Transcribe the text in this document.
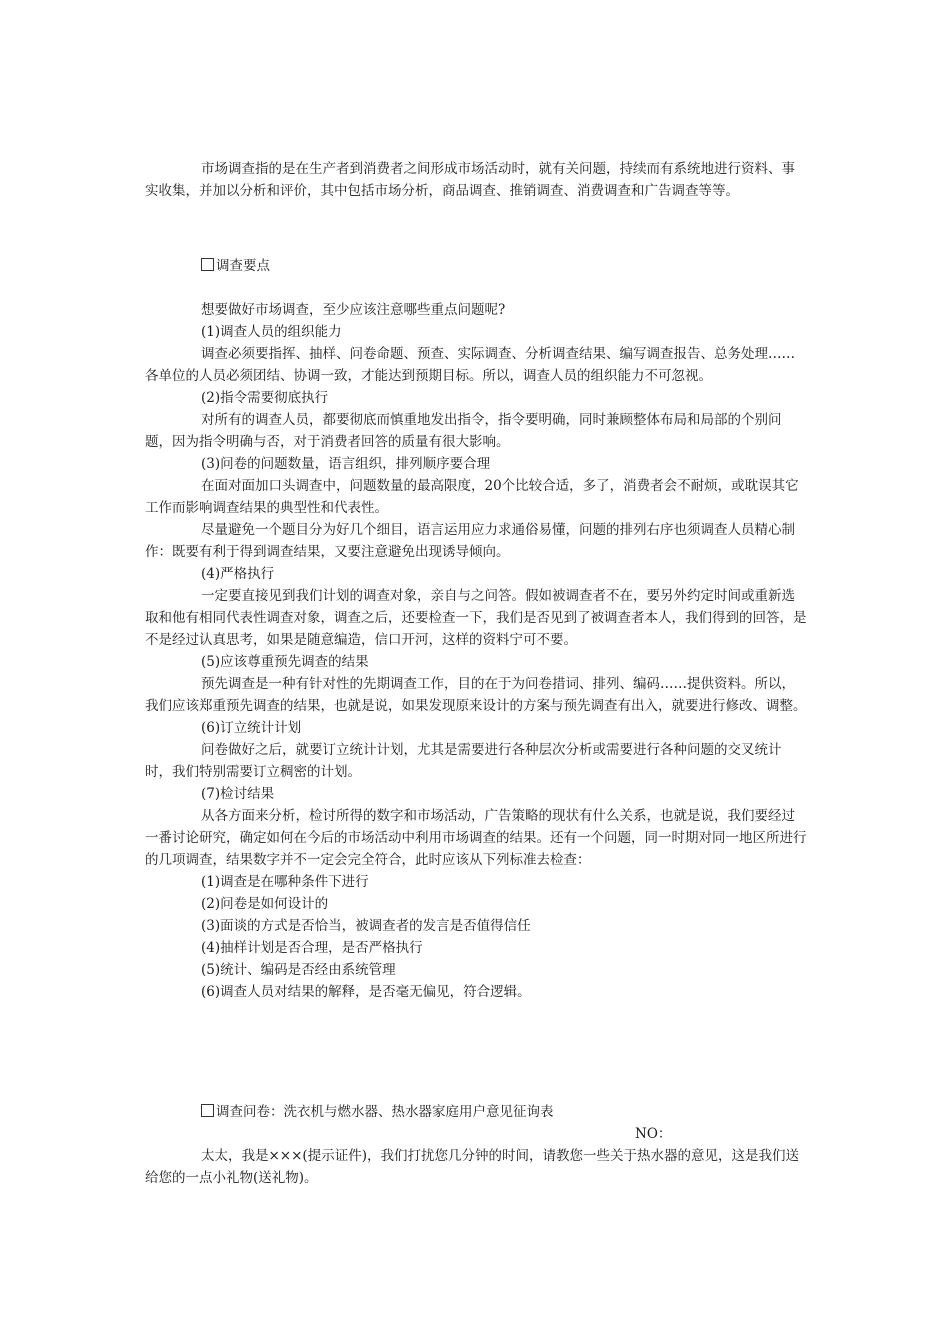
市场调查指的是在生产者到消费者之间形成市场活动时，就有关问题，持续而有系统地进行资料、事实收集，并加以分析和评价，其中包括市场分析，商品调查、推销调查、消费调查和广告调查等等。

调查要点

想要做好市场调查，至少应该注意哪些重点问题呢?

(1)调查人员的组织能力

调查必须要指挥、抽样、问卷命题、预查、实际调查、分析调查结果、编写调查报告、总务处理……各单位的人员必须团结、协调一致，才能达到预期目标。所以，调查人员的组织能力不可忽视。

(2)指令需要彻底执行

对所有的调查人员，都要彻底而慎重地发出指令，指令要明确，同时兼顾整体布局和局部的个别问题，因为指令明确与否，对于消费者回答的质量有很大影响。

(3)问卷的问题数量，语言组织，排列顺序要合理

在面对面加口头调查中，问题数量的最高限度，20个比较合适，多了，消费者会不耐烦，或耽误其它工作而影响调查结果的典型性和代表性。

尽量避免一个题目分为好几个细目，语言运用应力求通俗易懂，问题的排列右序也须调查人员精心制作：既要有利于得到调查结果，又要注意避免出现诱导倾向。

(4)严格执行

一定要直接见到我们计划的调查对象，亲自与之问答。假如被调查者不在，要另外约定时间或重新选取和他有相同代表性调查对象，调查之后，还要检查一下，我们是否见到了被调查者本人，我们得到的回答，是不是经过认真思考，如果是随意编造，信口开河，这样的资料宁可不要。

(5)应该尊重预先调查的结果

预先调查是一种有针对性的先期调查工作，目的在于为问卷措词、排列、编码……提供资料。所以，我们应该郑重预先调查的结果，也就是说，如果发现原来设计的方案与预先调查有出入，就要进行修改、调整。

(6)订立统计计划

问卷做好之后，就要订立统计计划，尤其是需要进行各种层次分析或需要进行各种问题的交叉统计时，我们特别需要订立稠密的计划。

(7)检讨结果

从各方面来分析，检讨所得的数字和市场活动，广告策略的现状有什么关系，也就是说，我们要经过一番讨论研究，确定如何在今后的市场活动中利用市场调查的结果。还有一个问题，同一时期对同一地区所进行的几项调查，结果数字并不一定会完全符合，此时应该从下列标准去检查：

(1)调查是在哪种条件下进行

(2)问卷是如何设计的

(3)面谈的方式是否恰当，被调查者的发言是否值得信任

(4)抽样计划是否合理，是否严格执行

(5)统计、编码是否经由系统管理

(6)调查人员对结果的解释，是否毫无偏见，符合逻辑。

调查问卷：洗衣机与燃水器、热水器家庭用户意见征询表

NO：

太太，我是×××(提示证件)，我们打扰您几分钟的时间，请教您一些关于热水器的意见，这是我们送给您的一点小礼物(送礼物)。
